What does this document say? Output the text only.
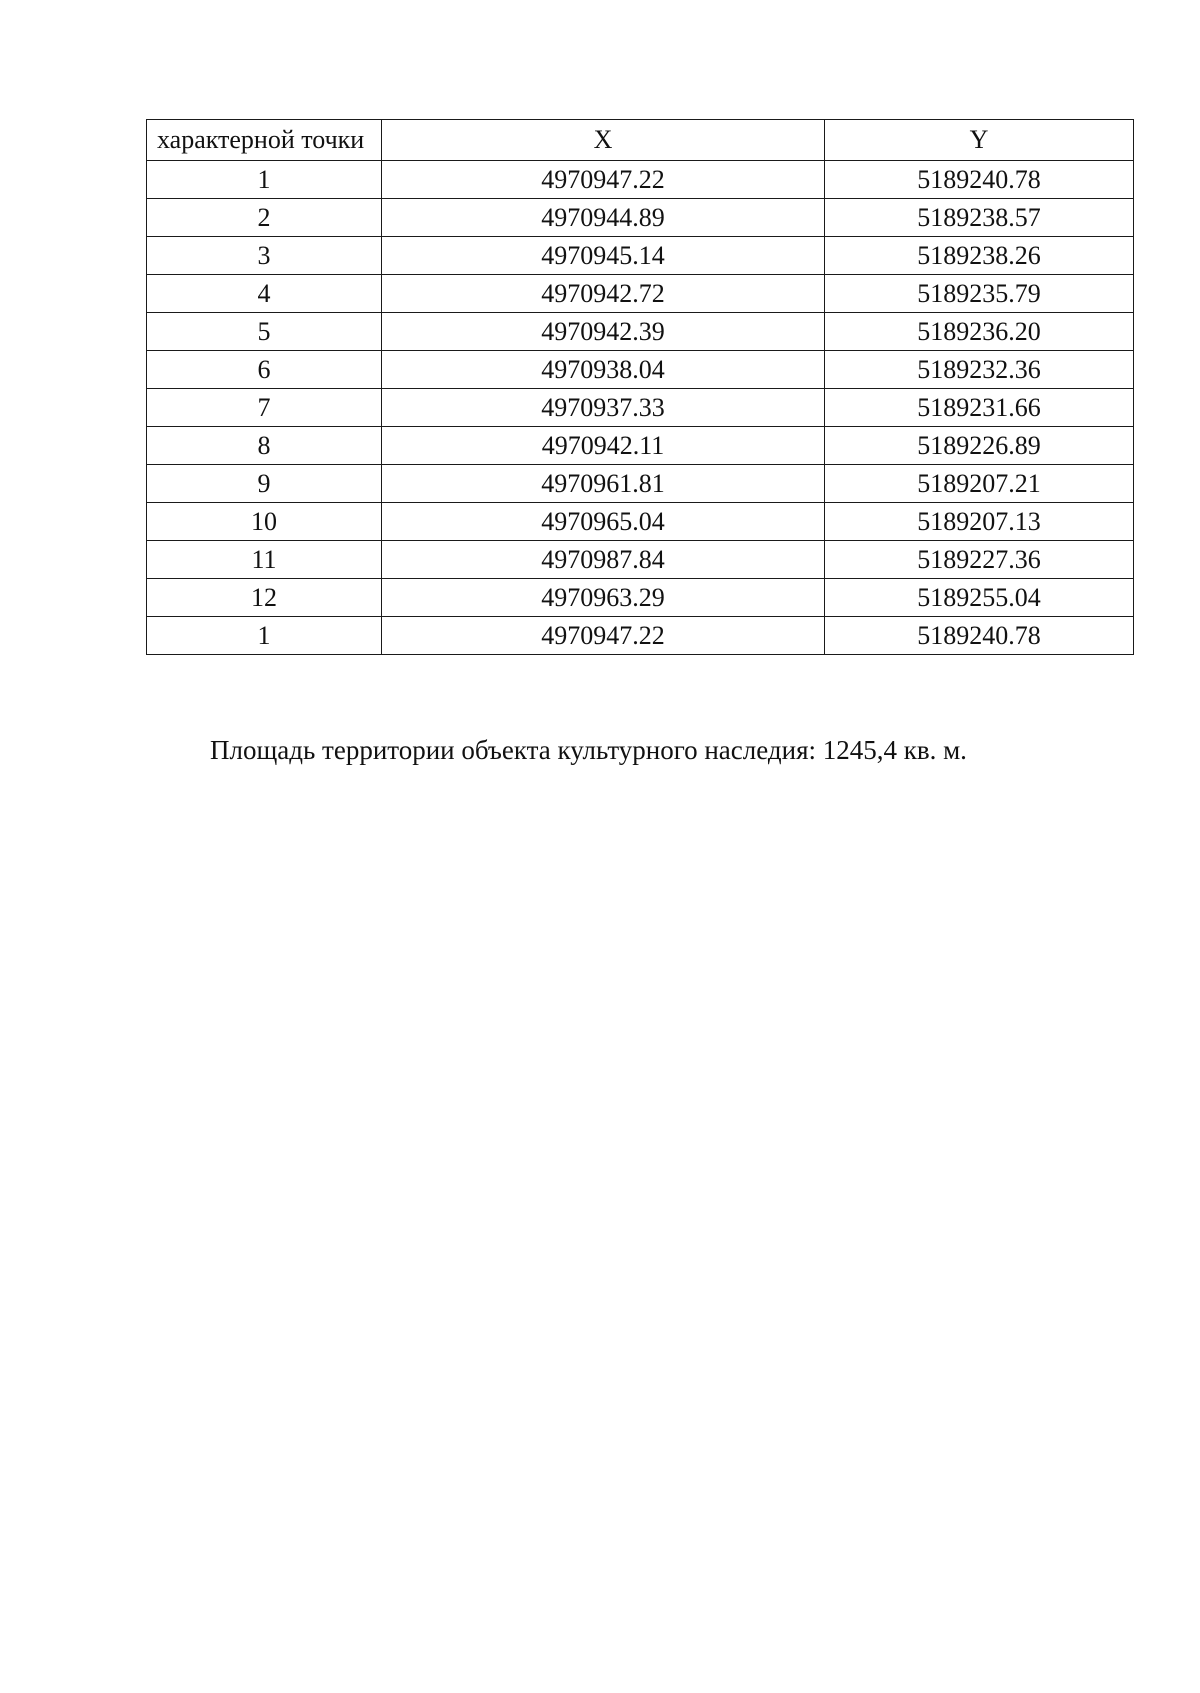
характерной точки	X	Y
1	4970947.22	5189240.78
2	4970944.89	5189238.57
3	4970945.14	5189238.26
4	4970942.72	5189235.79
5	4970942.39	5189236.20
6	4970938.04	5189232.36
7	4970937.33	5189231.66
8	4970942.11	5189226.89
9	4970961.81	5189207.21
10	4970965.04	5189207.13
11	4970987.84	5189227.36
12	4970963.29	5189255.04
1	4970947.22	5189240.78

Площадь территории объекта культурного наследия: 1245,4 кв. м.
